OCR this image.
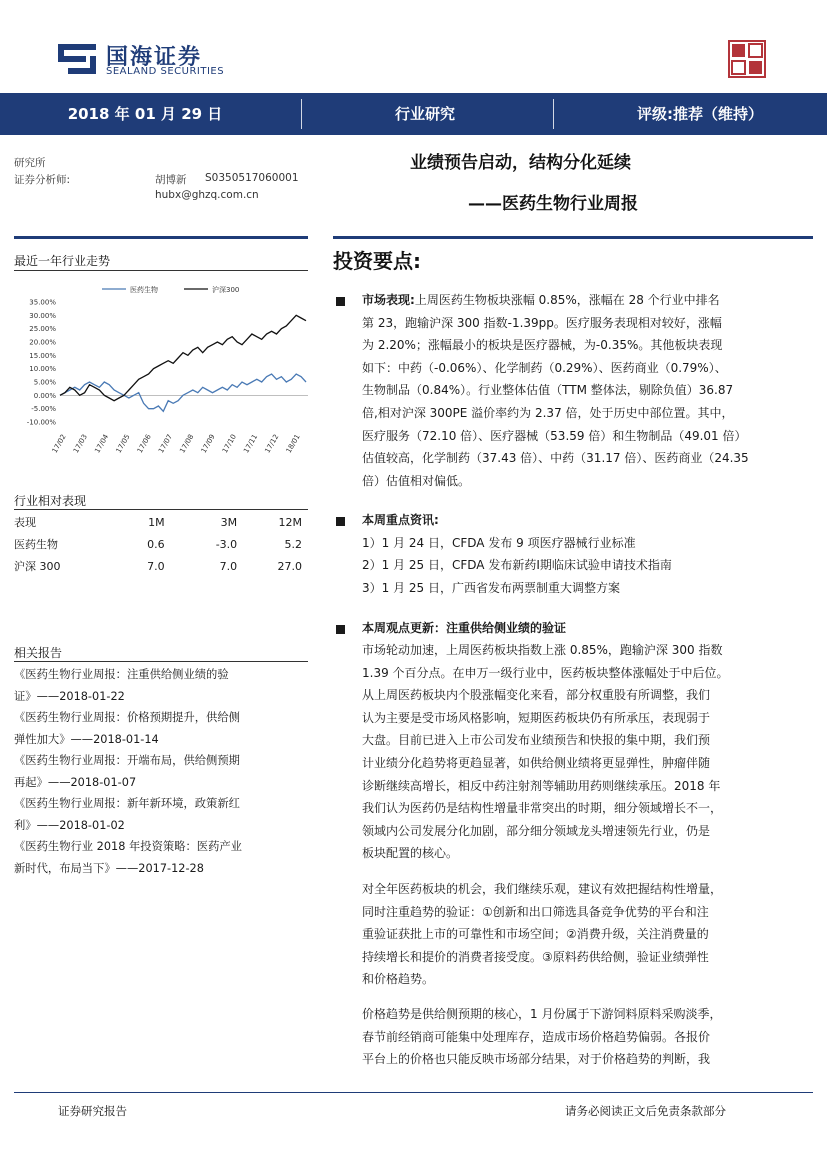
国海证券
SEALAND SECURITIES
2018 年 01 月 29 日	行业研究	评级:推荐（维持）
研究所
证券分析师:	胡博新 S0350517060001
hubx@ghzq.com.cn
业绩预告启动，结构分化延续
——医药生物行业周报
最近一年行业走势
35.00%
30.00%
25.00%
20.00%
15.00%
10.00%
5.00%
0.00%
-5.00%
-10.00%
17/02 17/03 17/04 17/05 17/06 17/07 17/08 17/09 17/10 17/11 17/12 18/01
医药生物	沪深300
行业相对表现
表现	1M	3M	12M
医药生物	0.6	-3.0	5.2
沪深 300	7.0	7.0	27.0
相关报告
《医药生物行业周报：注重供给侧业绩的验
证》——2018-01-22
《医药生物行业周报：价格预期提升，供给侧
弹性加大》——2018-01-14
《医药生物行业周报：开端布局，供给侧预期
再起》——2018-01-07
《医药生物行业周报：新年新环境，政策新红
利》——2018-01-02
《医药生物行业 2018 年投资策略：医药产业
新时代，布局当下》——2017-12-28
投资要点:
市场表现:上周医药生物板块涨幅 0.85%，涨幅在 28 个行业中排名
第 23，跑输沪深 300 指数-1.39pp。医疗服务表现相对较好，涨幅
为 2.20%；涨幅最小的板块是医疗器械，为-0.35%。其他板块表现
如下：中药（-0.06%）、化学制药（0.29%）、医药商业（0.79%）、
生物制品（0.84%）。行业整体估值（TTM 整体法，剔除负值）36.87
倍,相对沪深 300PE 溢价率约为 2.37 倍，处于历史中部位置。其中，
医疗服务（72.10 倍）、医疗器械（53.59 倍）和生物制品（49.01 倍）
估值较高，化学制药（37.43 倍）、中药（31.17 倍）、医药商业（24.35
倍）估值相对偏低。
本周重点资讯:
1）1 月 24 日，CFDA 发布 9 项医疗器械行业标准
2）1 月 25 日，CFDA 发布新药Ⅰ期临床试验申请技术指南
3）1 月 25 日，广西省发布两票制重大调整方案
本周观点更新：注重供给侧业绩的验证
市场轮动加速，上周医药板块指数上涨 0.85%，跑输沪深 300 指数
1.39 个百分点。在申万一级行业中，医药板块整体涨幅处于中后位。
从上周医药板块内个股涨幅变化来看，部分权重股有所调整，我们
认为主要是受市场风格影响，短期医药板块仍有所承压，表现弱于
大盘。目前已进入上市公司发布业绩预告和快报的集中期，我们预
计业绩分化趋势将更趋显著，如供给侧业绩将更显弹性，肿瘤伴随
诊断继续高增长，相反中药注射剂等辅助用药则继续承压。2018 年
我们认为医药仍是结构性增量非常突出的时期，细分领域增长不一，
领域内公司发展分化加剧，部分细分领域龙头增速领先行业，仍是
板块配置的核心。
对全年医药板块的机会，我们继续乐观，建议有效把握结构性增量，
同时注重趋势的验证：①创新和出口筛选具备竞争优势的平台和注
重验证获批上市的可靠性和市场空间；②消费升级，关注消费量的
持续增长和提价的消费者接受度。③原料药供给侧，验证业绩弹性
和价格趋势。
价格趋势是供给侧预期的核心，1 月份属于下游饲料原料采购淡季，
春节前经销商可能集中处理库存，造成市场价格趋势偏弱。各报价
平台上的价格也只能反映市场部分结果，对于价格趋势的判断，我
证券研究报告	请务必阅读正文后免责条款部分
